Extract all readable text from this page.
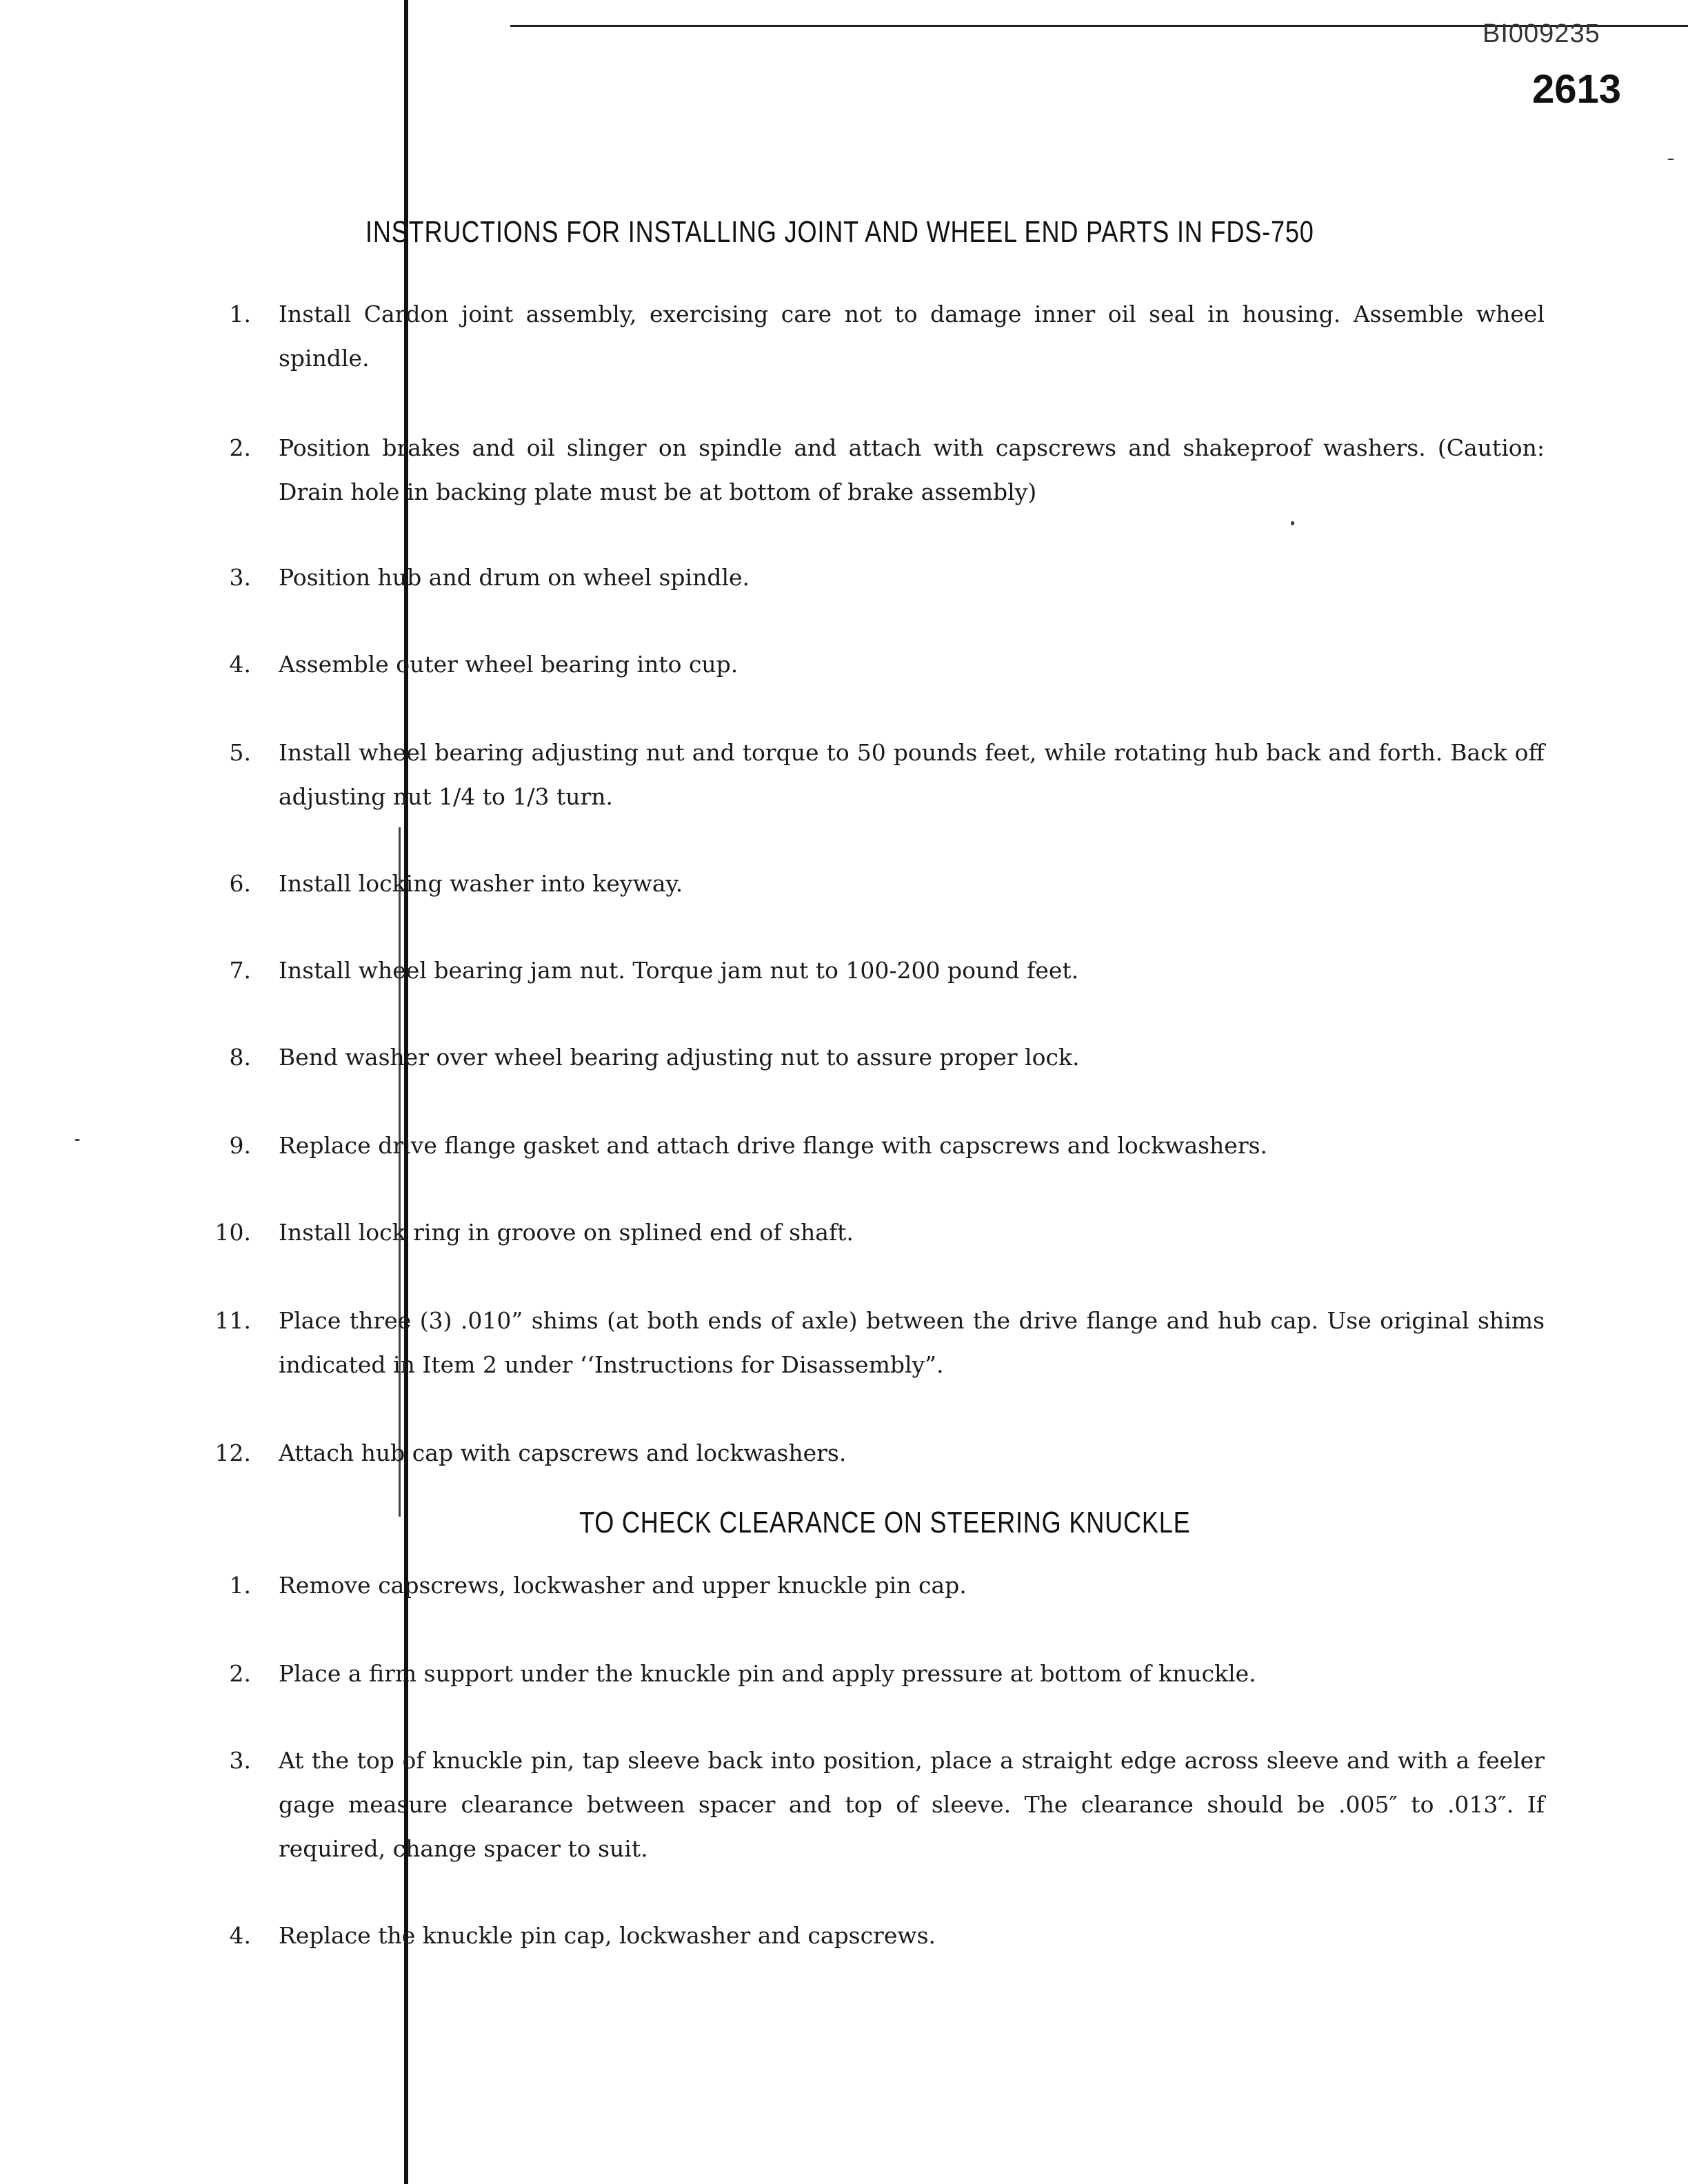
BI009235
2613
INSTRUCTIONS FOR INSTALLING JOINT AND WHEEL END PARTS IN FDS-750
1. Install Cardon joint assembly, exercising care not to damage inner oil seal in housing. Assemble wheel spindle.
2. Position brakes and oil slinger on spindle and attach with capscrews and shakeproof washers. (Caution: Drain hole in backing plate must be at bottom of brake assembly)
3. Position hub and drum on wheel spindle.
4. Assemble outer wheel bearing into cup.
5. Install wheel bearing adjusting nut and torque to 50 pounds feet, while rotating hub back and forth. Back off adjusting nut 1/4 to 1/3 turn.
6. Install locking washer into keyway.
7. Install wheel bearing jam nut. Torque jam nut to 100-200 pound feet.
8. Bend washer over wheel bearing adjusting nut to assure proper lock.
9. Replace drive flange gasket and attach drive flange with capscrews and lockwashers.
10. Install lock ring in groove on splined end of shaft.
11. Place three (3) .010” shims (at both ends of axle) between the drive flange and hub cap. Use original shims indicated in Item 2 under ‘‘Instructions for Disassembly”.
12. Attach hub cap with capscrews and lockwashers.
TO CHECK CLEARANCE ON STEERING KNUCKLE
1. Remove capscrews, lockwasher and upper knuckle pin cap.
2. Place a firm support under the knuckle pin and apply pressure at bottom of knuckle.
3. At the top of knuckle pin, tap sleeve back into position, place a straight edge across sleeve and with a feeler gage measure clearance between spacer and top of sleeve. The clearance should be .005″ to .013″. If required, change spacer to suit.
4. Replace the knuckle pin cap, lockwasher and capscrews.
